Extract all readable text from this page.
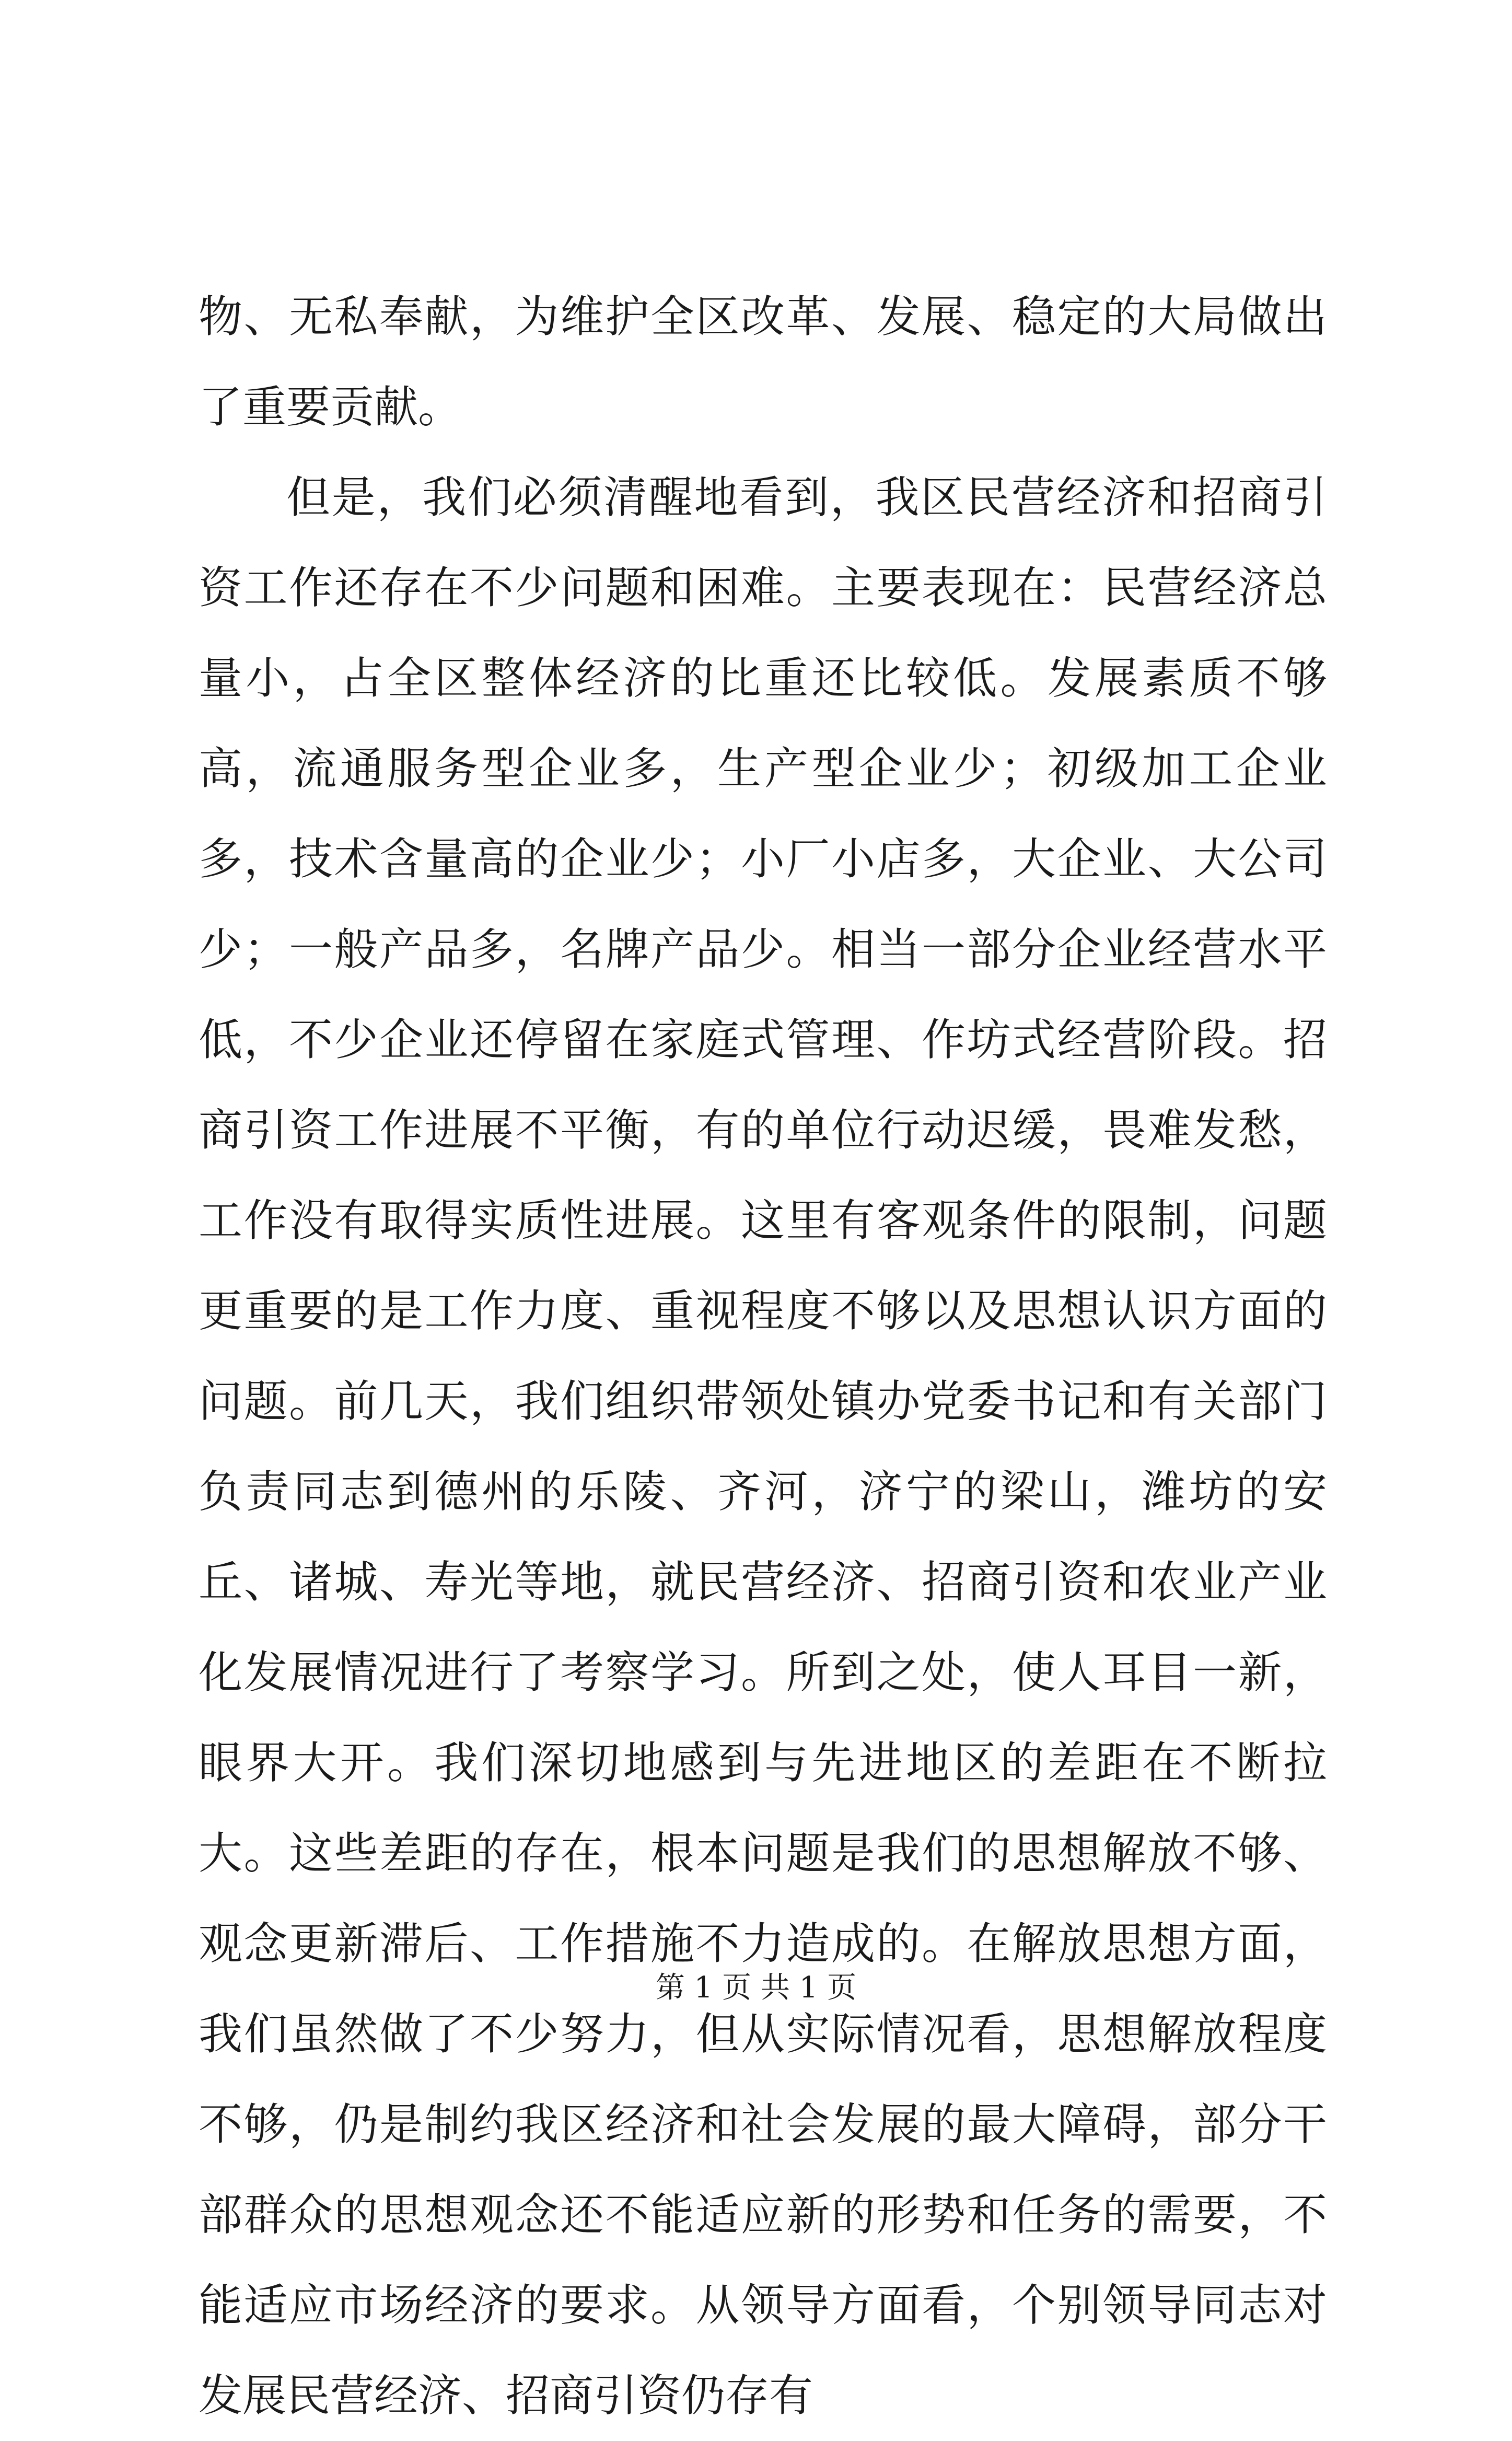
物、无私奉献，为维护全区改革、发展、稳定的大局做出了重要贡献。

但是，我们必须清醒地看到，我区民营经济和招商引资工作还存在不少问题和困难。主要表现在：民营经济总量小，占全区整体经济的比重还比较低。发展素质不够高，流通服务型企业多，生产型企业少；初级加工企业多，技术含量高的企业少；小厂小店多，大企业、大公司少；一般产品多，名牌产品少。相当一部分企业经营水平低，不少企业还停留在家庭式管理、作坊式经营阶段。招商引资工作进展不平衡，有的单位行动迟缓，畏难发愁，工作没有取得实质性进展。这里有客观条件的限制，问题更重要的是工作力度、重视程度不够以及思想认识方面的问题。前几天，我们组织带领处镇办党委书记和有关部门负责同志到德州的乐陵、齐河，济宁的梁山，潍坊的安丘、诸城、寿光等地，就民营经济、招商引资和农业产业化发展情况进行了考察学习。所到之处，使人耳目一新，眼界大开。我们深切地感到与先进地区的差距在不断拉大。这些差距的存在，根本问题是我们的思想解放不够、观念更新滞后、工作措施不力造成的。在解放思想方面，我们虽然做了不少努力，但从实际情况看，思想解放程度不够，仍是制约我区经济和社会发展的最大障碍，部分干部群众的思想观念还不能适应新的形势和任务的需要，不能适应市场经济的要求。从领导方面看，个别领导同志对发展民营经济、招商引资仍存有

第 1 页 共 1 页
